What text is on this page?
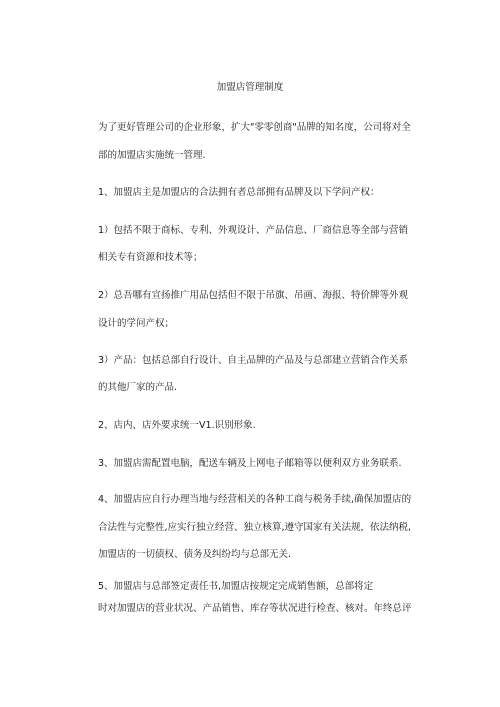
加盟店管理制度
为了更好管理公司的企业形象，扩大"零零创商"品牌的知名度，公司将对全
部的加盟店实施统一管理.
1、加盟店主是加盟店的合法拥有者总部拥有品牌及以下学问产权：
1）包括不限于商标、专利、外观设计、产品信息、厂商信息等全部与营销
相关专有资源和技术等；
2）总吾哪有宣扬推广用品包括但不限于吊旗、吊画、海报、特价牌等外观
设计的学问产权；
3）产品：包括总部自行设计、自主品牌的产品及与总部建立营销合作关系
的其他厂家的产品.
2、店内、店外要求统一V1.识别形象.
3、加盟店需配置电脑，配送车辆及上网电子邮箱等以便利双方业务联系.
4、加盟店应自行办理当地与经营相关的各种工商与税务手续,确保加盟店的
合法性与完整性,应实行独立经营、独立核算,遵守国家有关法规，依法纳税,
加盟店的一切债权、债务及纠纷均与总部无关.
5、加盟店与总部签定责任书,加盟店按规定完成销售额，总部将定
时对加盟店的营业状况、产品销售、库存等状况进行检查、核对。年终总评
